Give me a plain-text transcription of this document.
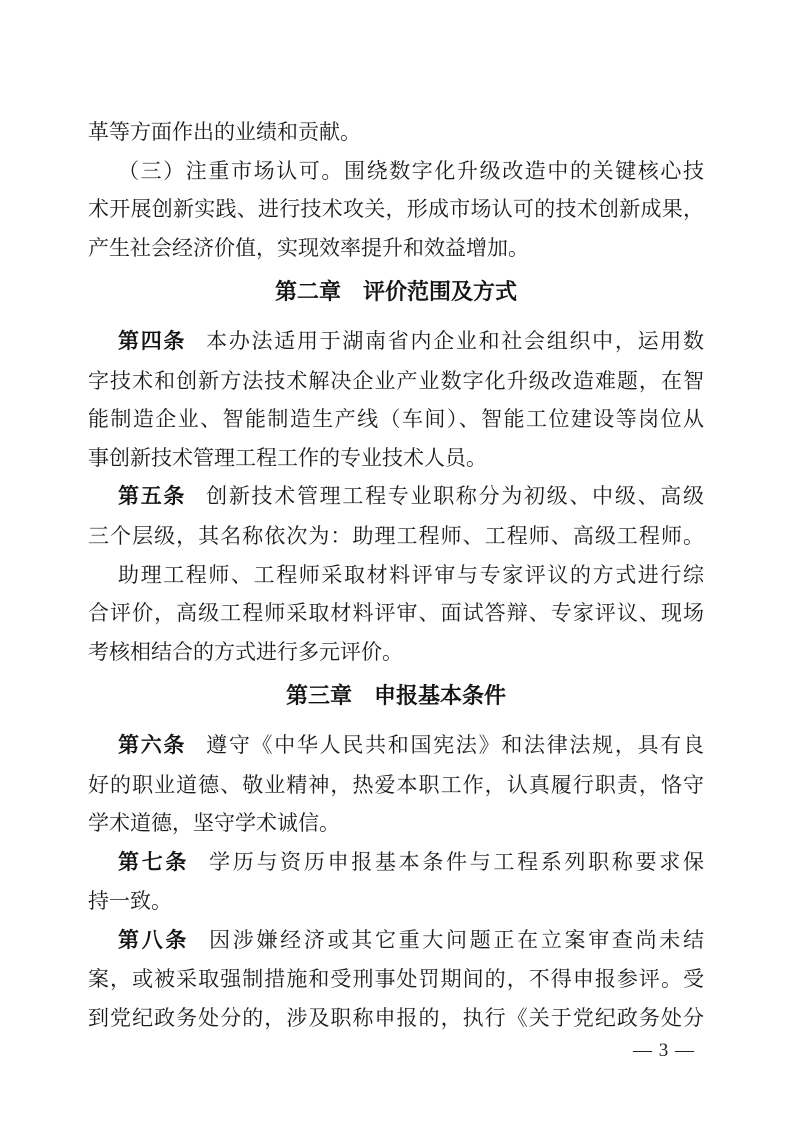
革等方面作出的业绩和贡献。
（三）注重市场认可。围绕数字化升级改造中的关键核心技
术开展创新实践、进行技术攻关，形成市场认可的技术创新成果，
产生社会经济价值，实现效率提升和效益增加。
第二章　评价范围及方式
第四条 本办法适用于湖南省内企业和社会组织中，运用数
字技术和创新方法技术解决企业产业数字化升级改造难题，在智
能制造企业、智能制造生产线（车间）、智能工位建设等岗位从
事创新技术管理工程工作的专业技术人员。
第五条 创新技术管理工程专业职称分为初级、中级、高级
三个层级，其名称依次为：助理工程师、工程师、高级工程师。
助理工程师、工程师采取材料评审与专家评议的方式进行综
合评价，高级工程师采取材料评审、面试答辩、专家评议、现场
考核相结合的方式进行多元评价。
第三章　申报基本条件
第六条 遵守《中华人民共和国宪法》和法律法规，具有良
好的职业道德、敬业精神，热爱本职工作，认真履行职责，恪守
学术道德，坚守学术诚信。
第七条 学历与资历申报基本条件与工程系列职称要求保
持一致。
第八条 因涉嫌经济或其它重大问题正在立案审查尚未结
案，或被采取强制措施和受刑事处罚期间的，不得申报参评。受
到党纪政务处分的，涉及职称申报的，执行《关于党纪政务处分
— 3 —
